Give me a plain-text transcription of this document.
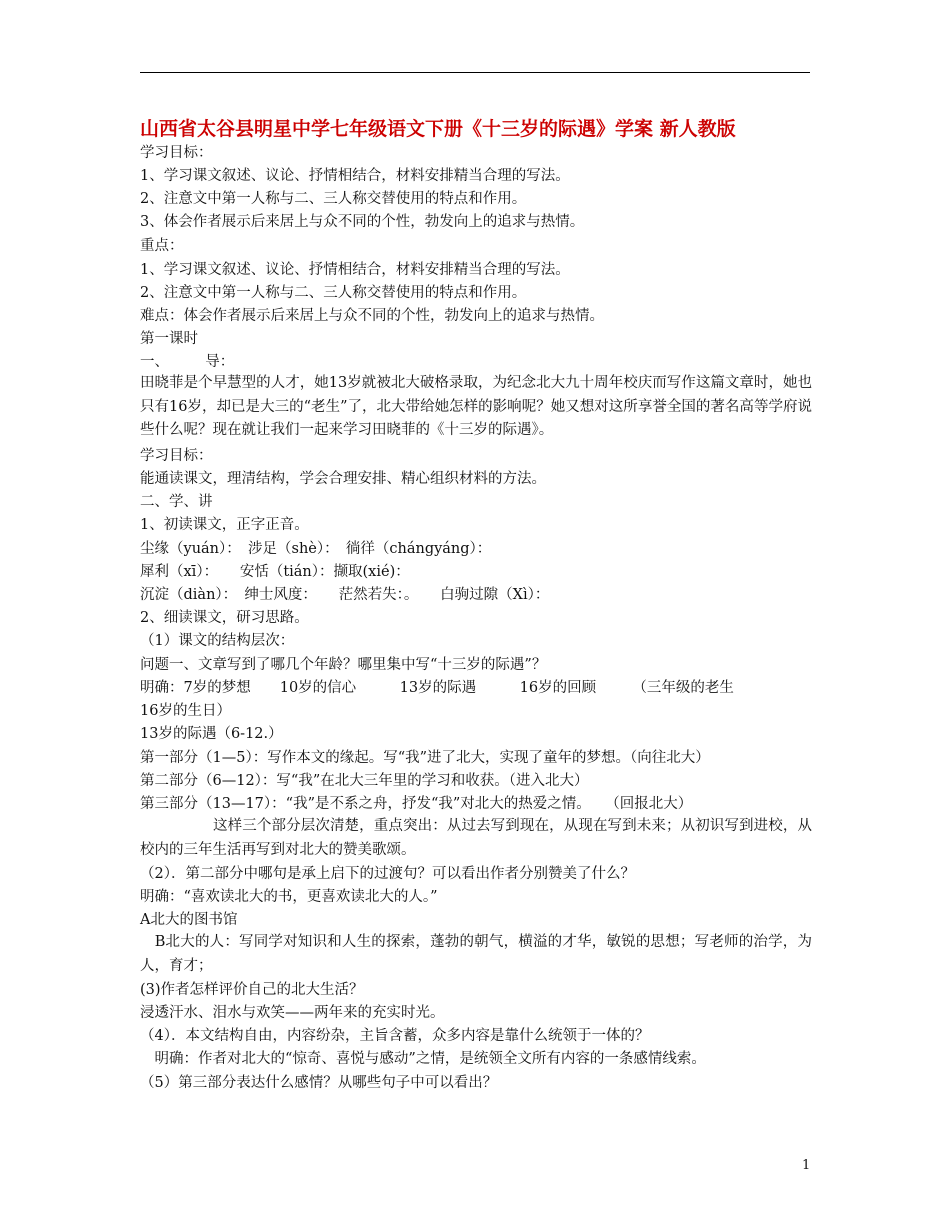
山西省太谷县明星中学七年级语文下册《十三岁的际遇》学案 新人教版
学习目标：
1、学习课文叙述、议论、抒情相结合，材料安排精当合理的写法。
2、注意文中第一人称与二、三人称交替使用的特点和作用。
3、体会作者展示后来居上与众不同的个性，勃发向上的追求与热情。
重点：
1、学习课文叙述、议论、抒情相结合，材料安排精当合理的写法。
2、注意文中第一人称与二、三人称交替使用的特点和作用。
难点：体会作者展示后来居上与众不同的个性，勃发向上的追求与热情。
第一课时
一、　　　导：
田晓菲是个早慧型的人才，她13岁就被北大破格录取，为纪念北大九十周年校庆而写作这篇文章时，她也只有16岁，却已是大三的“老生”了，北大带给她怎样的影响呢？她又想对这所享誉全国的著名高等学府说些什么呢？现在就让我们一起来学习田晓菲的《十三岁的际遇》。
学习目标：
能通读课文，理清结构，学会合理安排、精心组织材料的方法。
二、学、讲
1、初读课文，正字正音。
尘缘（yuán）：　涉足（shè）：　徜徉（chángyáng）：
犀利（xī）：　　安恬（tián）：撷取(xié)：
沉淀（diàn）：　绅士风度：　　茫然若失：。　　白驹过隙（Xì）：
2、细读课文，研习思路。
（1）课文的结构层次：
问题一、文章写到了哪几个年龄？哪里集中写“十三岁的际遇”？
明确：7岁的梦想　　10岁的信心　　　13岁的际遇　　　16岁的回顾　　　（三年级的老生
16岁的生日）
13岁的际遇（6-12.）
第一部分（1—5）：写作本文的缘起。写“我”进了北大，实现了童年的梦想。（向往北大）
第二部分（6—12）：写“我”在北大三年里的学习和收获。（进入北大）
第三部分（13—17）：“我”是不系之舟，抒发“我”对北大的热爱之情。　　（回报北大）
　　　　　这样三个部分层次清楚，重点突出：从过去写到现在，从现在写到未来；从初识写到进校，从校内的三年生活再写到对北大的赞美歌颂。
（2）．第二部分中哪句是承上启下的过渡句？可以看出作者分别赞美了什么？
明确：“喜欢读北大的书，更喜欢读北大的人。”
A北大的图书馆
　B北大的人：写同学对知识和人生的探索，蓬勃的朝气，横溢的才华，敏锐的思想；写老师的治学，为人，育才；
(3)作者怎样评价自己的北大生活？
浸透汗水、泪水与欢笑——两年来的充实时光。
（4）．本文结构自由，内容纷杂，主旨含蓄，众多内容是靠什么统领于一体的？
　明确：作者对北大的“惊奇、喜悦与感动”之情，是统领全文所有内容的一条感情线索。
（5）第三部分表达什么感情？从哪些句子中可以看出？
1
